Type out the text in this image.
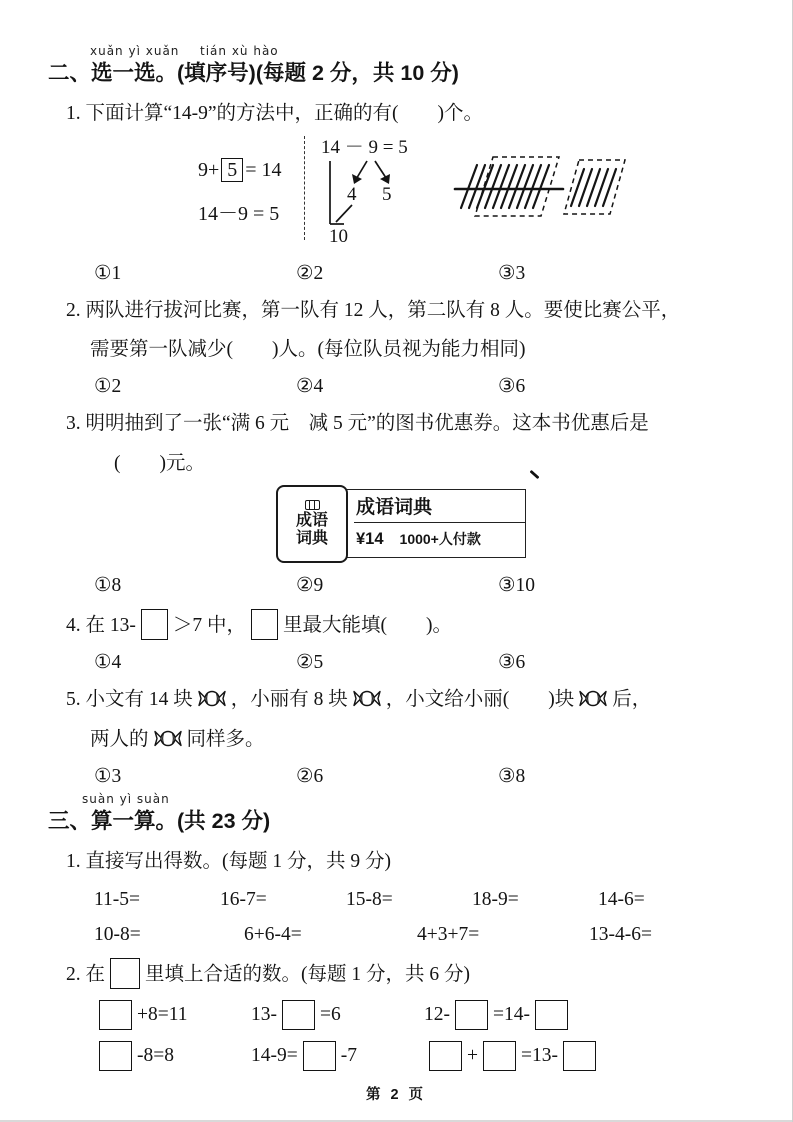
xuǎn yì xuǎn tián xù hào
二、选一选。(填序号)(每题 2 分，共 10 分)
1. 下面计算“14-9”的方法中，正确的有(　　)个。
9+ 5 = 14
14－9 = 5
14 － 9 = 5
4 5
10
①1	②2	③3
2. 两队进行拔河比赛，第一队有 12 人，第二队有 8 人。要使比赛公平，
需要第一队减少(　　)人。(每位队员视为能力相同)
①2	②4	③6
3. 明明抽到了一张“满 6 元　减 5 元”的图书优惠券。这本书优惠后是
(　　)元。
成语
词典
成语词典
¥14 1000+人付款
①8	②9	③10
4. 在 13- ＞7 中， 里最大能填(　　)。
①4	②5	③6
5. 小文有 14 块 ，小丽有 8 块 ，小文给小丽(　　)块 后，
两人的 同样多。
①3	②6	③8
suàn yì suàn
三、算一算。(共 23 分)
1. 直接写出得数。(每题 1 分，共 9 分)
11-5=	16-7=	15-8=	18-9=	14-6=
10-8=	6+6-4=	4+3+7=	13-4-6=
2. 在 里填上合适的数。(每题 1 分，共 6 分)
+8=11	13- =6	12- =14-
-8=8	14-9= -7	+ =13-
第 2 页
